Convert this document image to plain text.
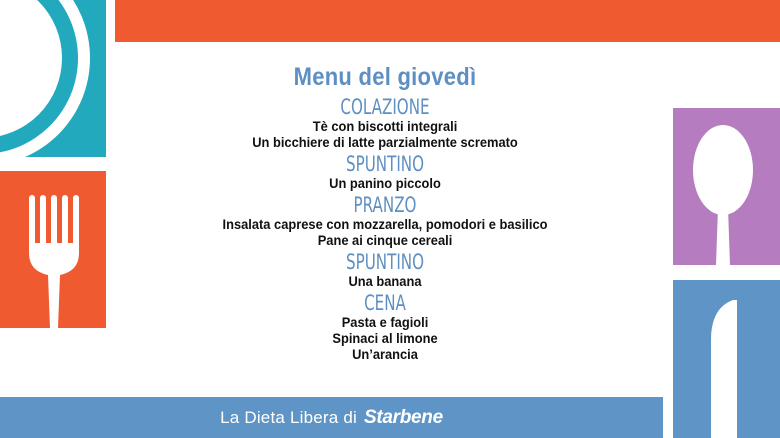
Menu del giovedì
COLAZIONE
Tè con biscotti integrali
Un bicchiere di latte parzialmente scremato
SPUNTINO
Un panino piccolo
PRANZO
Insalata caprese con mozzarella, pomodori e basilico
Pane ai cinque cereali
SPUNTINO
Una banana
CENA
Pasta e fagioli
Spinaci al limone
Un’arancia
La Dieta Libera di Starbene
